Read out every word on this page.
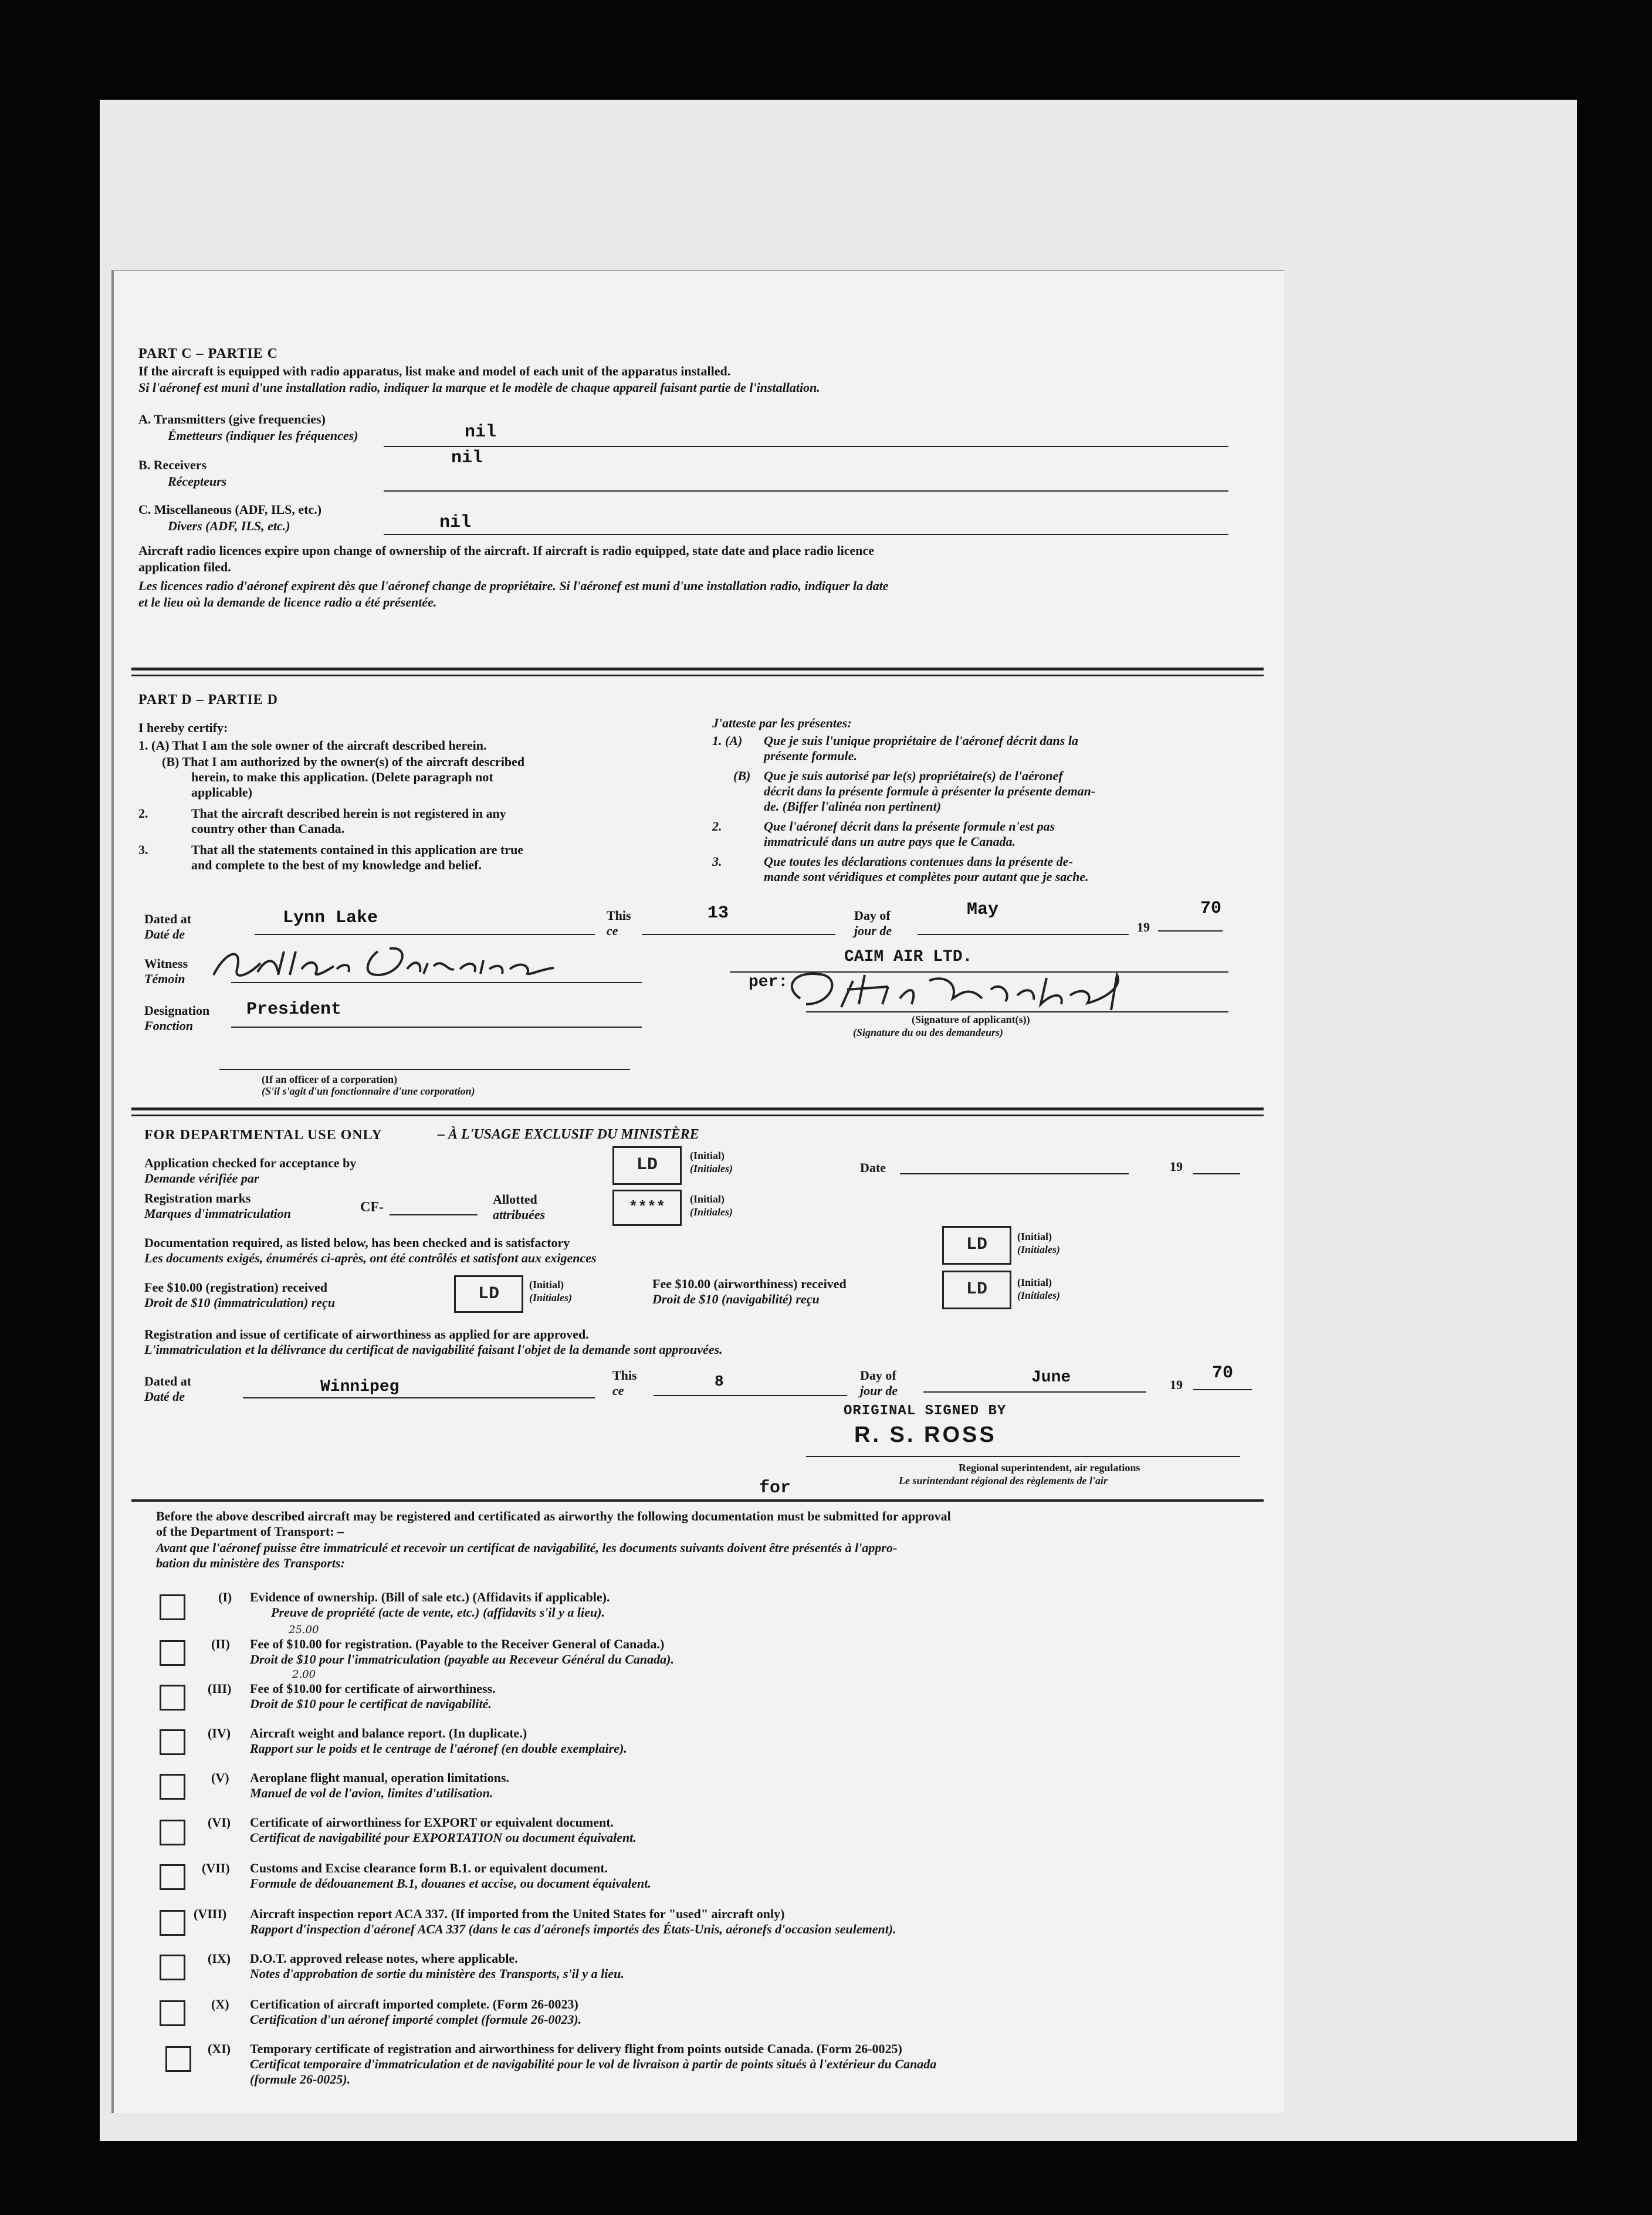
PART C – PARTIE C
If the aircraft is equipped with radio apparatus, list make and model of each unit of the apparatus installed.
Si l'aéronef est muni d'une installation radio, indiquer la marque et le modèle de chaque appareil faisant partie de l'installation.
A. Transmitters (give frequencies)
Émetteurs (indiquer les fréquences)	nil
B. Receivers
Récepteurs
nil
C. Miscellaneous (ADF, ILS, etc.)
Divers (ADF, ILS, etc.)	nil
Aircraft radio licences expire upon change of ownership of the aircraft. If aircraft is radio equipped, state date and place radio licence
application filed.
Les licences radio d'aéronef expirent dès que l'aéronef change de propriétaire. Si l'aéronef est muni d'une installation radio, indiquer la date
et le lieu où la demande de licence radio a été présentée.
PART D – PARTIE D
I hereby certify:	J'atteste par les présentes:
1. (A) That I am the sole owner of the aircraft described herein.
(B) That I am authorized by the owner(s) of the aircraft described
herein, to make this application. (Delete paragraph not
applicable)
2.	That the aircraft described herein is not registered in any
country other than Canada.
3.	That all the statements contained in this application are true
and complete to the best of my knowledge and belief.
1. (A) Que je suis l'unique propriétaire de l'aéronef décrit dans la
présente formule.
(B) Que je suis autorisé par le(s) propriétaire(s) de l'aéronef
décrit dans la présente formule à présenter la présente deman-
de. (Biffer l'alinéa non pertinent)
2.	Que l'aéronef décrit dans la présente formule n'est pas
immatriculé dans un autre pays que le Canada.
3.	Que toutes les déclarations contenues dans la présente de-
mande sont véridiques et complètes pour autant que je sache.
Dated at
Daté de
Lynn Lake	This
ce
13	Day of
jour de
May
19
70
Witness
Témoin
CAIM AIR LTD.
per:
(Signature of applicant(s))
(Signature du ou des demandeurs)
Designation
Fonction
President
(If an officer of a corporation)
(S'il s'agit d'un fonctionnaire d'une corporation)
FOR DEPARTMENTAL USE ONLY	– À L'USAGE EXCLUSIF DU MINISTÈRE
Application checked for acceptance by
Demande vérifiée par
LD	(Initial)
(Initiales)	Date	19
Registration marks
Marques d'immatriculation	CF-
Allotted
attribuées	****	(Initial)
(Initiales)
Documentation required, as listed below, has been checked and is satisfactory
Les documents exigés, énumérés ci-après, ont été contrôlés et satisfont aux exigences
LD	(Initial)
(Initiales)
Fee $10.00 (registration) received
Droit de $10 (immatriculation) reçu	LD	(Initial)
(Initiales)
Fee $10.00 (airworthiness) received
Droit de $10 (navigabilité) reçu	LD	(Initial)
(Initiales)
Registration and issue of certificate of airworthiness as applied for are approved.
L'immatriculation et la délivrance du certificat de navigabilité faisant l'objet de la demande sont approuvées.
Dated at
Daté de
Winnipeg
This
ce
8	Day of
jour de
June	19
70
ORIGINAL SIGNED BY
R. S. ROSS
Regional superintendent, air regulations
Le surintendant régional des règlements de l'air
for
Before the above described aircraft may be registered and certificated as airworthy the following documentation must be submitted for approval
of the Department of Transport: –
Avant que l'aéronef puisse être immatriculé et recevoir un certificat de navigabilité, les documents suivants doivent être présentés à l'appro-
bation du ministère des Transports:
(I) Evidence of ownership. (Bill of sale etc.) (Affidavits if applicable).
Preuve de propriété (acte de vente, etc.) (affidavits s'il y a lieu).
(II) Fee of $10.00 for registration. (Payable to the Receiver General of Canada.)
Droit de $10 pour l'immatriculation (payable au Receveur Général du Canada).
25.00
(III) Fee of $10.00 for certificate of airworthiness.
Droit de $10 pour le certificat de navigabilité.
2.00
(IV) Aircraft weight and balance report. (In duplicate.)
Rapport sur le poids et le centrage de l'aéronef (en double exemplaire).
(V) Aeroplane flight manual, operation limitations.
Manuel de vol de l'avion, limites d'utilisation.
(VI) Certificate of airworthiness for EXPORT or equivalent document.
Certificat de navigabilité pour EXPORTATION ou document équivalent.
(VII) Customs and Excise clearance form B.1. or equivalent document.
Formule de dédouanement B.1, douanes et accise, ou document équivalent.
(VIII) Aircraft inspection report ACA 337. (If imported from the United States for "used" aircraft only)
Rapport d'inspection d'aéronef ACA 337 (dans le cas d'aéronefs importés des États-Unis, aéronefs d'occasion seulement).
(IX) D.O.T. approved release notes, where applicable.
Notes d'approbation de sortie du ministère des Transports, s'il y a lieu.
(X) Certification of aircraft imported complete. (Form 26-0023)
Certification d'un aéronef importé complet (formule 26-0023).
(XI) Temporary certificate of registration and airworthiness for delivery flight from points outside Canada. (Form 26-0025)
Certificat temporaire d'immatriculation et de navigabilité pour le vol de livraison à partir de points situés à l'extérieur du Canada
(formule 26-0025).
